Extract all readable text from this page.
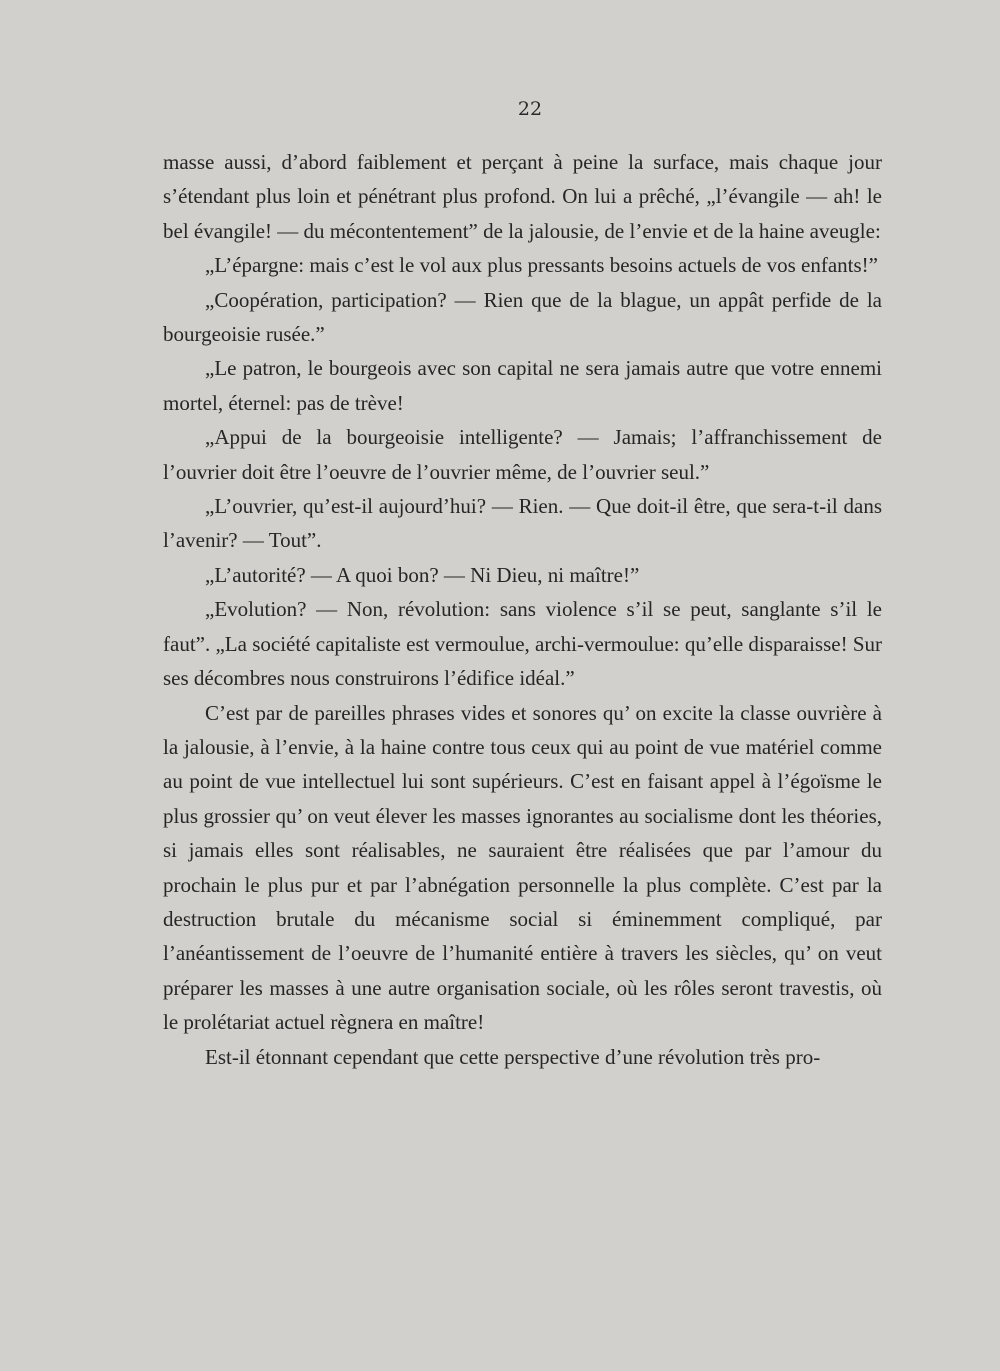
22

masse aussi, d’abord faiblement et perçant à peine la surface, mais chaque jour s’étendant plus loin et pénétrant plus profond. On lui a prêché, „l’évangile — ah! le bel évangile! — du mécontentement” de la jalousie, de l’envie et de la haine aveugle:

„L’épargne: mais c’est le vol aux plus pressants besoins actuels de vos enfants!”

„Coopération, participation? — Rien que de la blague, un appât perfide de la bourgeoisie rusée.”

„Le patron, le bourgeois avec son capital ne sera jamais autre que votre ennemi mortel, éternel: pas de trève!

„Appui de la bourgeoisie intelligente? — Jamais; l’affranchissement de l’ouvrier doit être l’oeuvre de l’ouvrier même, de l’ouvrier seul.”

„L’ouvrier, qu’est-il aujourd’hui? — Rien. — Que doit-il être, que sera-t-il dans l’avenir? — Tout”.

„L’autorité? — A quoi bon? — Ni Dieu, ni maître!”

„Evolution? — Non, révolution: sans violence s’il se peut, sanglante s’il le faut”. „La société capitaliste est vermoulue, archi-vermoulue: qu’elle disparaisse! Sur ses décombres nous construirons l’édifice idéal.”

C’est par de pareilles phrases vides et sonores qu’ on excite la classe ouvrière à la jalousie, à l’envie, à la haine contre tous ceux qui au point de vue matériel comme au point de vue intellectuel lui sont supérieurs. C’est en faisant appel à l’égoïsme le plus grossier qu’ on veut élever les masses ignorantes au socialisme dont les théories, si jamais elles sont réalisables, ne sauraient être réalisées que par l’amour du prochain le plus pur et par l’abnégation personnelle la plus complète. C’est par la destruction brutale du mécanisme social si éminemment compliqué, par l’anéantissement de l’oeuvre de l’humanité entière à travers les siècles, qu’ on veut préparer les masses à une autre organisation sociale, où les rôles seront travestis, où le prolétariat actuel règnera en maître!

Est-il étonnant cependant que cette perspective d’une révolution très pro-
